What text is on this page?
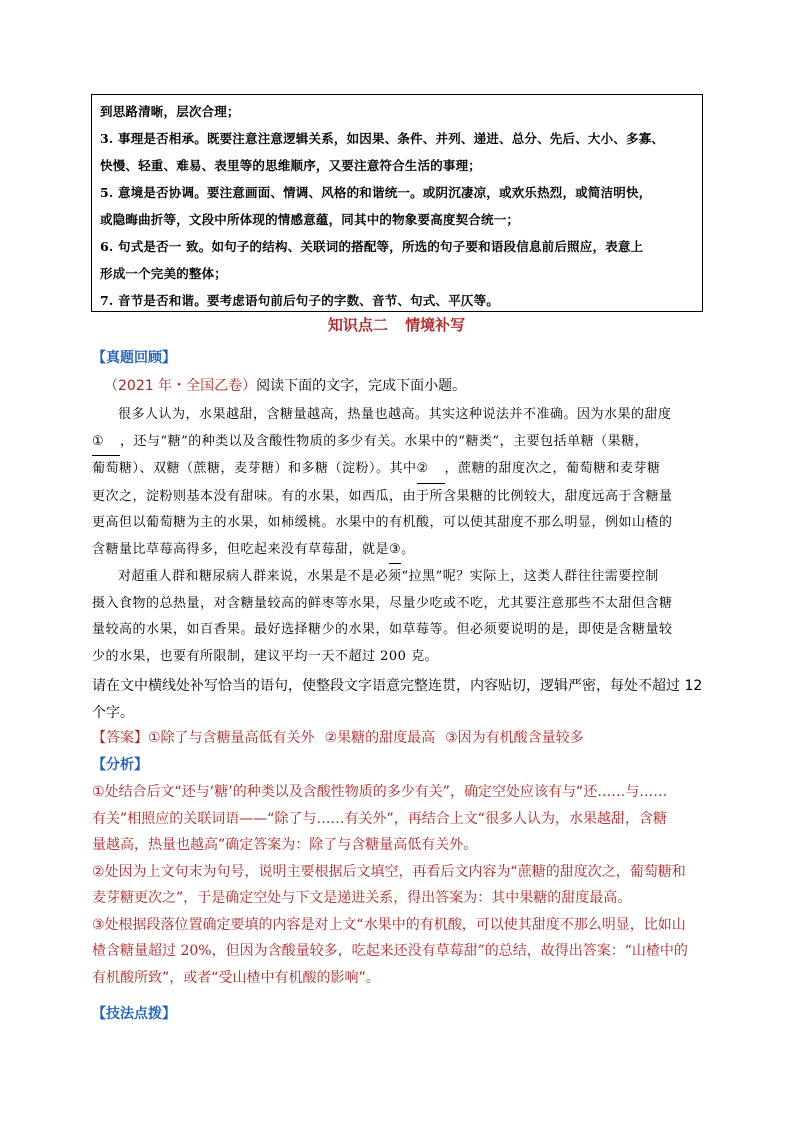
到思路清晰，层次合理；
3. 事理是否相承。既要注意注意逻辑关系，如因果、条件、并列、递进、总分、先后、大小、多寡、
快慢、轻重、难易、表里等的思维顺序，又要注意符合生活的事理；
5. 意境是否协调。要注意画面、情调、风格的和谐统一。或阴沉凄凉，或欢乐热烈，或简洁明快，
或隐晦曲折等，文段中所体现的情感意蕴，同其中的物象要高度契合统一；
6. 句式是否一 致。如句子的结构、关联词的搭配等，所选的句子要和语段信息前后照应，表意上
形成一个完美的整体；
7. 音节是否和谐。要考虑语句前后句子的字数、音节、句式、平仄等。
知识点二 情境补写
【真题回顾】
（2021 年・全国乙卷）阅读下面的文字，完成下面小题。
很多人认为，水果越甜，含糖量越高，热量也越高。其实这种说法并不准确。因为水果的甜度
① ，还与“糖”的种类以及含酸性物质的多少有关。水果中的“糖类”，主要包括单糖（果糖，
葡萄糖）、双糖（蔗糖，麦芽糖）和多糖（淀粉）。其中② ，蔗糖的甜度次之，葡萄糖和麦芽糖
更次之，淀粉则基本没有甜味。有的水果，如西瓜，由于所含果糖的比例较大，甜度远高于含糖量
更高但以葡萄糖为主的水果，如柿缓桃。水果中的有机酸，可以使其甜度不那么明显，例如山楂的
含糖量比草莓高得多，但吃起来没有草莓甜，就是③。
对超重人群和糖尿病人群来说，水果是不是必须“拉黑”呢？实际上，这类人群往往需要控制
摄入食物的总热量，对含糖量较高的鲜枣等水果，尽量少吃或不吃，尤其要注意那些不太甜但含糖
量较高的水果，如百香果。最好选择糖少的水果，如草莓等。但必须要说明的是，即使是含糖量较
少的水果，也要有所限制，建议平均一天不超过 200 克。
请在文中横线处补写恰当的语句，使整段文字语意完整连贯，内容贴切，逻辑严密，每处不超过 12
个字。
【答案】①除了与含糖量高低有关外 ②果糖的甜度最高 ③因为有机酸含量较多
【分析】
①处结合后文“还与‘糖’的种类以及含酸性物质的多少有关”，确定空处应该有与“还……与……
有关”相照应的关联词语——“除了与……有关外”，再结合上文“很多人认为，水果越甜，含糖
量越高，热量也越高”确定答案为：除了与含糖量高低有关外。
②处因为上文句末为句号，说明主要根据后文填空，再看后文内容为“蔗糖的甜度次之，葡萄糖和
麦芽糖更次之”，于是确定空处与下文是递进关系，得出答案为：其中果糖的甜度最高。
③处根据段落位置确定要填的内容是对上文“水果中的有机酸，可以使其甜度不那么明显，比如山
楂含糖量超过 20%，但因为含酸量较多，吃起来还没有草莓甜”的总结，故得出答案：“山楂中的
有机酸所致”，或者“受山楂中有机酸的影响”。
【技法点拨】
